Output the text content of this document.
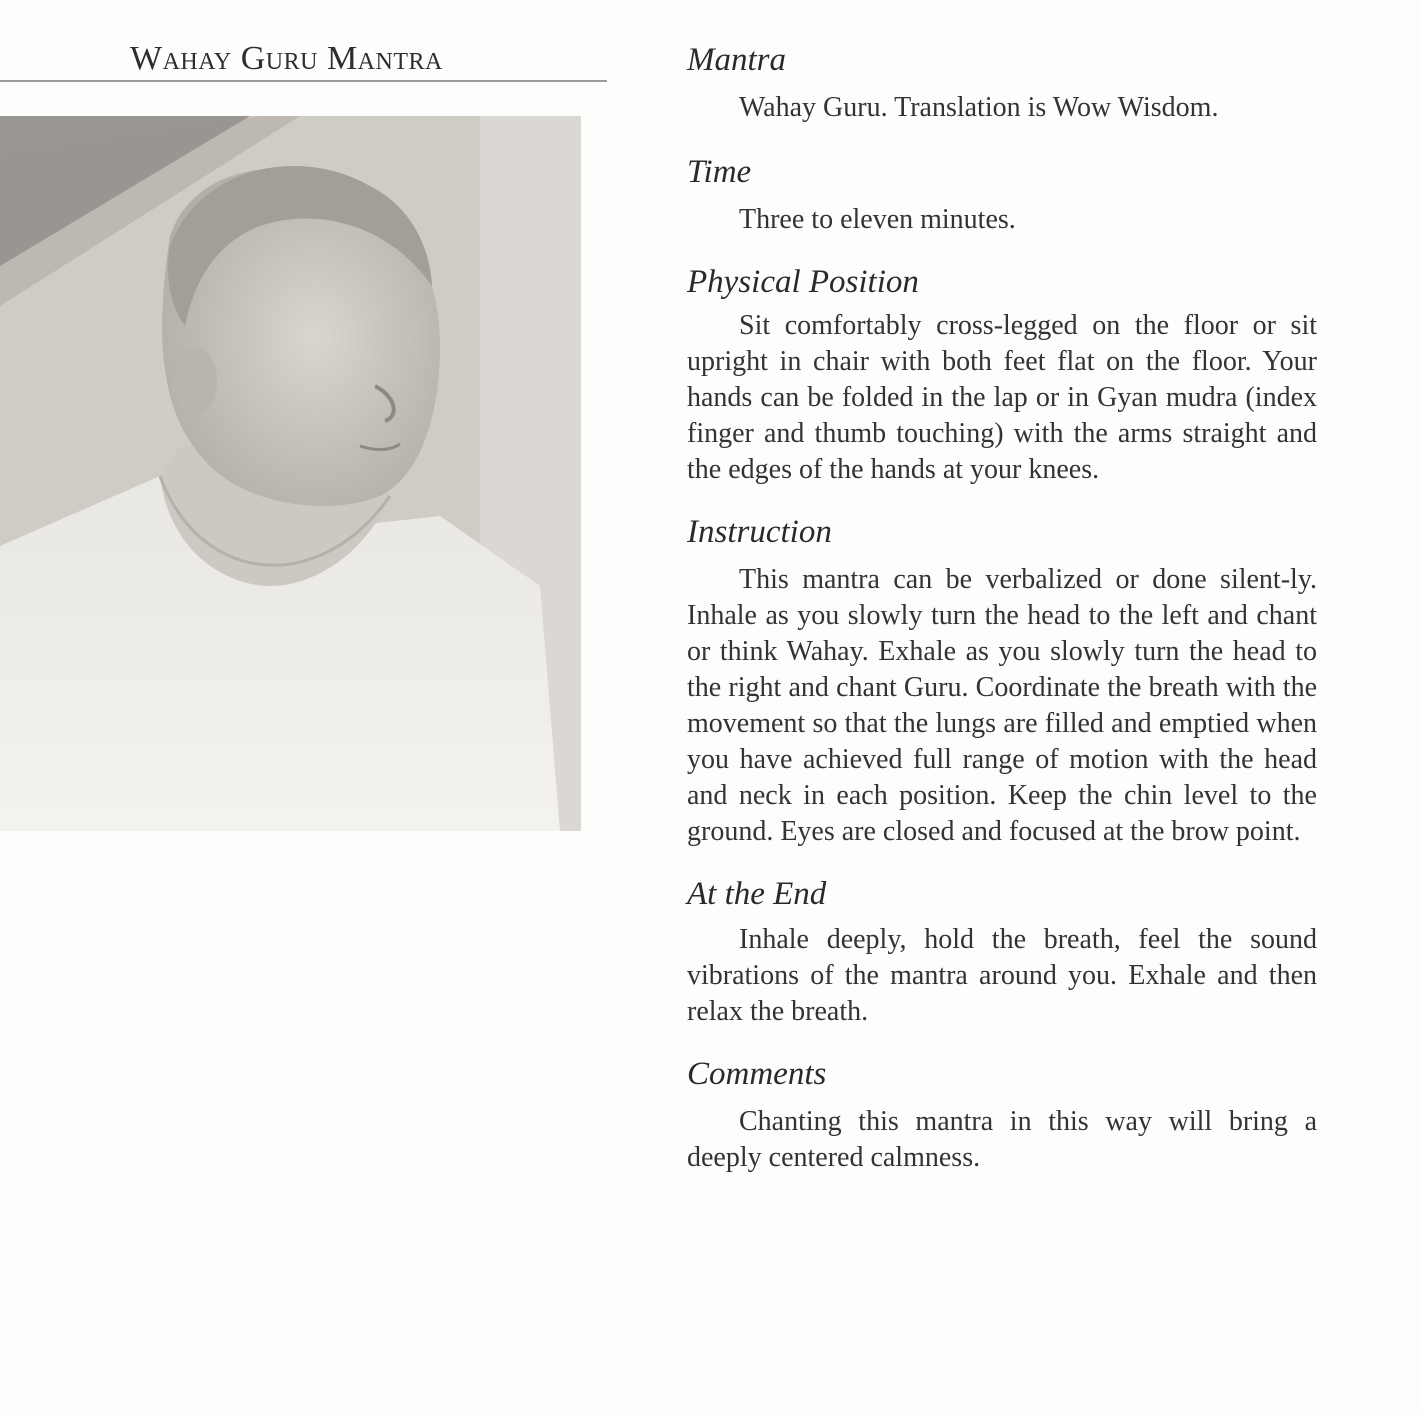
Wahay Guru Mantra	Mantra

Wahay Guru. Translation is Wow Wisdom.

Time

Three to eleven minutes.

Physical Position

Sit comfortably cross-legged on the floor or sit upright in chair with both feet flat on the floor. Your hands can be folded in the lap or in Gyan mudra (index finger and thumb touching) with the arms straight and the edges of the hands at your knees.

Instruction

This mantra can be verbalized or done silent-ly. Inhale as you slowly turn the head to the left and chant or think Wahay. Exhale as you slowly turn the head to the right and chant Guru. Coordinate the breath with the movement so that the lungs are filled and emptied when you have achieved full range of motion with the head and neck in each position. Keep the chin level to the ground. Eyes are closed and focused at the brow point.

At the End

Inhale deeply, hold the breath, feel the sound vibrations of the mantra around you. Exhale and then relax the breath.

Comments

Chanting this mantra in this way will bring a deeply centered calmness.
